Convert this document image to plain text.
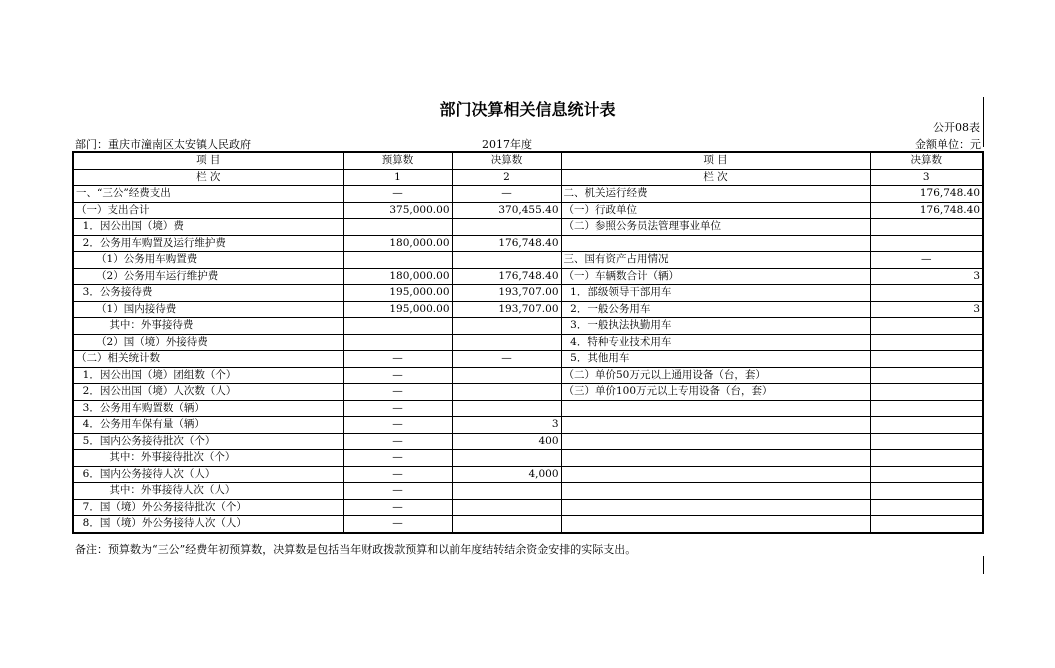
部门决算相关信息统计表
公开08表
部门：重庆市潼南区太安镇人民政府	2017年度	金额单位：元
项 目	预算数	决算数	项 目	决算数
栏 次	1	2	栏 次	3
一、“三公”经费支出	—	—	二、机关运行经费	176,748.40
（一）支出合计	375,000.00	370,455.40	（一）行政单位	176,748.40
1．因公出国（境）费			（二）参照公务员法管理事业单位	
2．公务用车购置及运行维护费	180,000.00	176,748.40		
（1）公务用车购置费			三、国有资产占用情况	—
（2）公务用车运行维护费	180,000.00	176,748.40	（一）车辆数合计（辆）	3
3．公务接待费	195,000.00	193,707.00	1．部级领导干部用车	
（1）国内接待费	195,000.00	193,707.00	2．一般公务用车	3
其中：外事接待费			3．一般执法执勤用车	
（2）国（境）外接待费			4．特种专业技术用车	
（二）相关统计数	—	—	5．其他用车	
1．因公出国（境）团组数（个）	—		（二）单价50万元以上通用设备（台，套）	
2．因公出国（境）人次数（人）	—		（三）单价100万元以上专用设备（台，套）	
3．公务用车购置数（辆）	—			
4．公务用车保有量（辆）	—	3		
5．国内公务接待批次（个）	—	400		
其中：外事接待批次（个）	—			
6．国内公务接待人次（人）	—	4,000		
其中：外事接待人次（人）	—			
7．国（境）外公务接待批次（个）	—			
8．国（境）外公务接待人次（人）	—			
备注：预算数为“三公”经费年初预算数，决算数是包括当年财政拨款预算和以前年度结转结余资金安排的实际支出。
